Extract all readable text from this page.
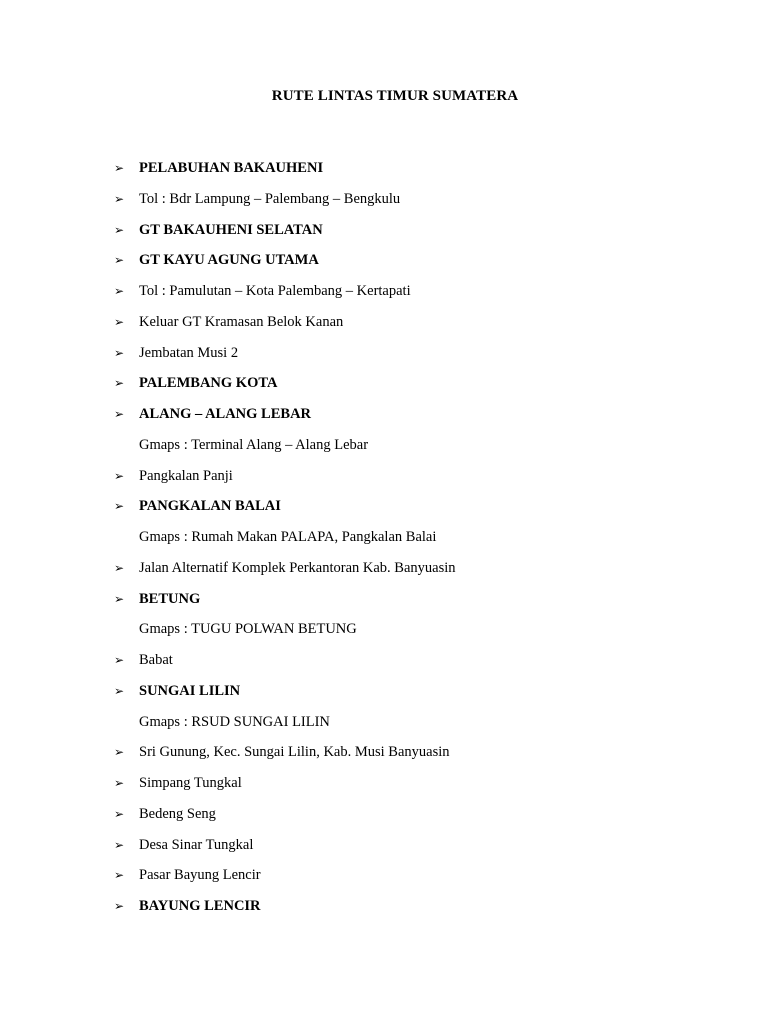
RUTE LINTAS TIMUR SUMATERA
➢ PELABUHAN BAKAUHENI
➢ Tol : Bdr Lampung – Palembang – Bengkulu
➢ GT BAKAUHENI SELATAN
➢ GT KAYU AGUNG UTAMA
➢ Tol : Pamulutan – Kota Palembang – Kertapati
➢ Keluar GT Kramasan Belok Kanan
➢ Jembatan Musi 2
➢ PALEMBANG KOTA
➢ ALANG – ALANG LEBAR
Gmaps : Terminal Alang – Alang Lebar
➢ Pangkalan Panji
➢ PANGKALAN BALAI
Gmaps : Rumah Makan PALAPA, Pangkalan Balai
➢ Jalan Alternatif Komplek Perkantoran Kab. Banyuasin
➢ BETUNG
Gmaps : TUGU POLWAN BETUNG
➢ Babat
➢ SUNGAI LILIN
Gmaps : RSUD SUNGAI LILIN
➢ Sri Gunung, Kec. Sungai Lilin, Kab. Musi Banyuasin
➢ Simpang Tungkal
➢ Bedeng Seng
➢ Desa Sinar Tungkal
➢ Pasar Bayung Lencir
➢ BAYUNG LENCIR
